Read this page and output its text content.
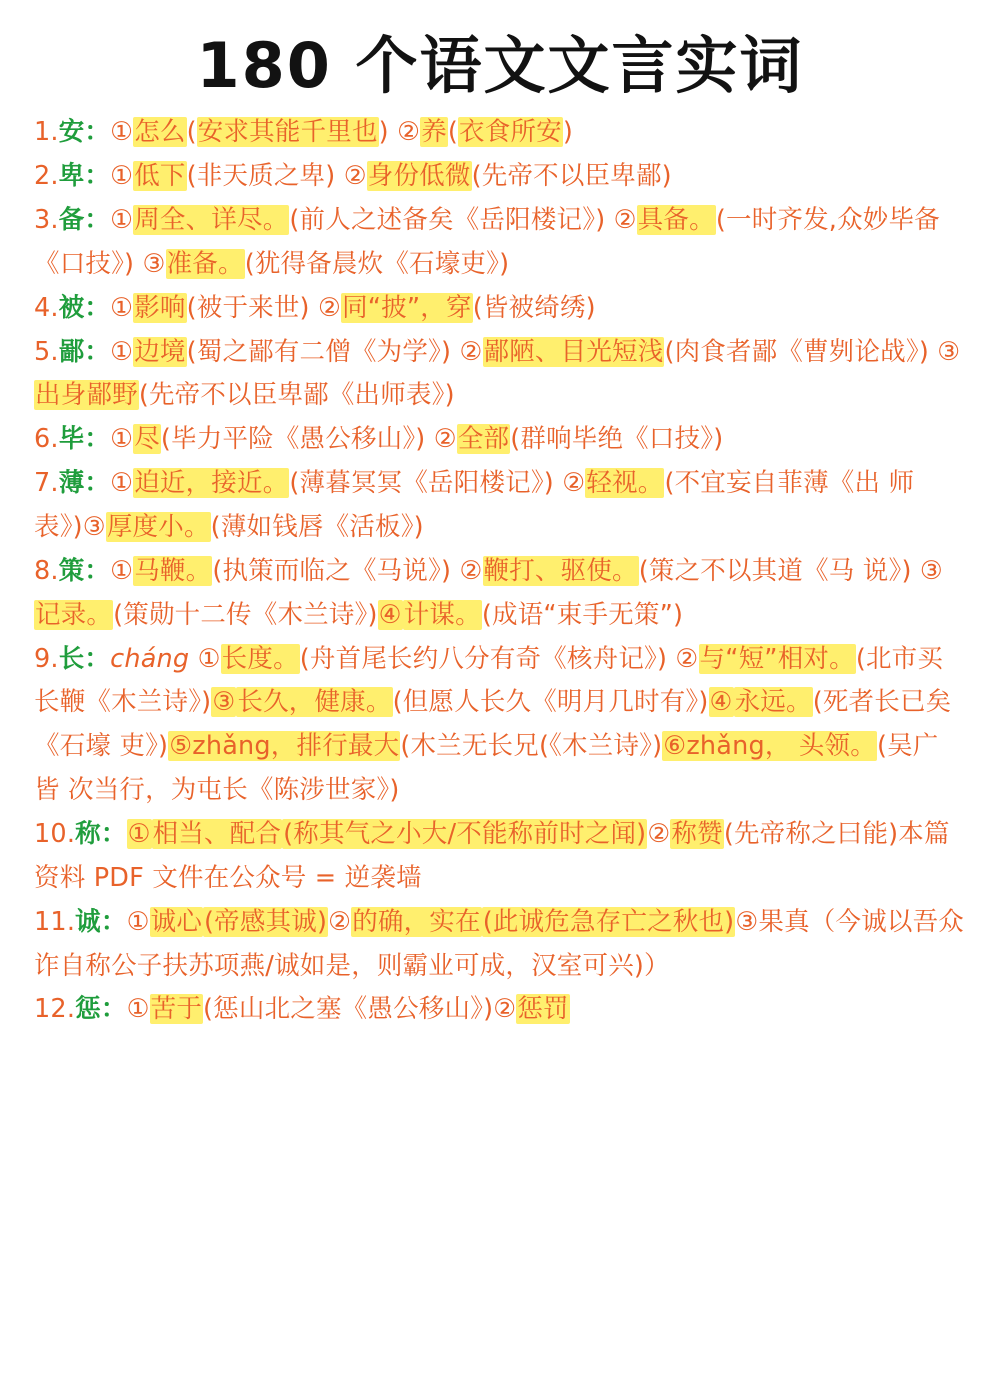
180 个语文文言实词
1.安：①怎么(安求其能千里也) ②养(衣食所安)
2.卑：①低下(非天质之卑) ②身份低微(先帝不以臣卑鄙)
3.备：①周全、详尽。(前人之述备矣《岳阳楼记》) ②具备。(一时齐发,众妙毕备《口技》) ③准备。(犹得备晨炊《石壕吏》)
4.被：①影响(被于来世) ②同“披”，穿(皆被绮绣)
5.鄙：①边境(蜀之鄙有二僧《为学》) ②鄙陋、目光短浅(肉食者鄙《曹刿论战》) ③出身鄙野(先帝不以臣卑鄙《出师表》)
6.毕：①尽(毕力平险《愚公移山》) ②全部(群响毕绝《口技》)
7.薄：①迫近，接近。(薄暮冥冥《岳阳楼记》) ②轻视。(不宜妄自菲薄《出 师表》)③厚度小。(薄如钱唇《活板》)
8.策：①马鞭。(执策而临之《马说》) ②鞭打、驱使。(策之不以其道《马 说》) ③记录。(策勋十二传《木兰诗》)④计谋。(成语“束手无策”)
9.长：cháng ①长度。(舟首尾长约八分有奇《核舟记》) ②与“短”相对。(北市买长鞭《木兰诗》)③长久，健康。(但愿人长久《明月几时有》)④永远。(死者长已矣《石壕 吏》)⑤zhǎng，排行最大(木兰无长兄(《木兰诗》)⑥zhǎng， 头领。(吴广 皆 次当行，为屯长《陈涉世家》)
10.称：①相当、配合(称其气之小大/不能称前时之闻)②称赞(先帝称之曰能)本篇资料 PDF 文件在公众号 = 逆袭墙
11.诚：①诚心(帝感其诚)②的确，实在(此诚危急存亡之秋也)③果真（今诚以吾众诈自称公子扶苏项燕/诚如是，则霸业可成，汉室可兴)）
12.惩：①苦于(惩山北之塞《愚公移山》)②惩罚
